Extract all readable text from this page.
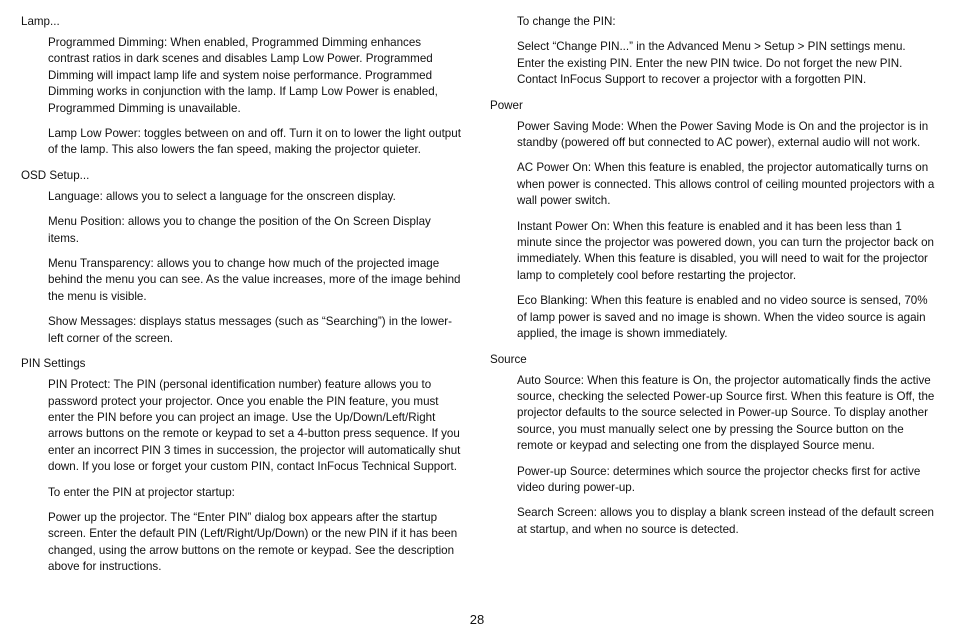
Lamp...

Programmed Dimming: When enabled, Programmed Dimming enhances contrast ratios in dark scenes and disables Lamp Low Power. Programmed Dimming will impact lamp life and system noise performance. Programmed Dimming works in conjunction with the lamp. If Lamp Low Power is enabled, Programmed Dimming is unavailable.

Lamp Low Power: toggles between on and off. Turn it on to lower the light output of the lamp. This also lowers the fan speed, making the projector quieter.

OSD Setup...

Language: allows you to select a language for the onscreen display.

Menu Position: allows you to change the position of the On Screen Display items.

Menu Transparency: allows you to change how much of the projected image behind the menu you can see. As the value increases, more of the image behind the menu is visible.

Show Messages: displays status messages (such as “Searching”) in the lower-left corner of the screen.

PIN Settings

PIN Protect: The PIN (personal identification number) feature allows you to password protect your projector. Once you enable the PIN feature, you must enter the PIN before you can project an image. Use the Up/Down/Left/Right arrows buttons on the remote or keypad to set a 4-button press sequence. If you enter an incorrect PIN 3 times in succession, the projector will automatically shut down. If you lose or forget your custom PIN, contact InFocus Technical Support.

To enter the PIN at projector startup:

Power up the projector. The “Enter PIN” dialog box appears after the startup screen. Enter the default PIN (Left/Right/Up/Down) or the new PIN if it has been changed, using the arrow buttons on the remote or keypad. See the description above for instructions.

To change the PIN:

Select “Change PIN...” in the Advanced Menu > Setup > PIN settings menu. Enter the existing PIN. Enter the new PIN twice. Do not forget the new PIN. Contact InFocus Support to recover a projector with a forgotten PIN.

Power

Power Saving Mode: When the Power Saving Mode is On and the projector is in standby (powered off but connected to AC power), external audio will not work.

AC Power On: When this feature is enabled, the projector automatically turns on when power is connected. This allows control of ceiling mounted projectors with a wall power switch.

Instant Power On: When this feature is enabled and it has been less than 1 minute since the projector was powered down, you can turn the projector back on immediately. When this feature is disabled, you will need to wait for the projector lamp to completely cool before restarting the projector.

Eco Blanking: When this feature is enabled and no video source is sensed, 70% of lamp power is saved and no image is shown. When the video source is again applied, the image is shown immediately.

Source

Auto Source: When this feature is On, the projector automatically finds the active source, checking the selected Power-up Source first. When this feature is Off, the projector defaults to the source selected in Power-up Source. To display another source, you must manually select one by pressing the Source button on the remote or keypad and selecting one from the displayed Source menu.

Power-up Source: determines which source the projector checks first for active video during power-up.

Search Screen: allows you to display a blank screen instead of the default screen at startup, and when no source is detected.

28
